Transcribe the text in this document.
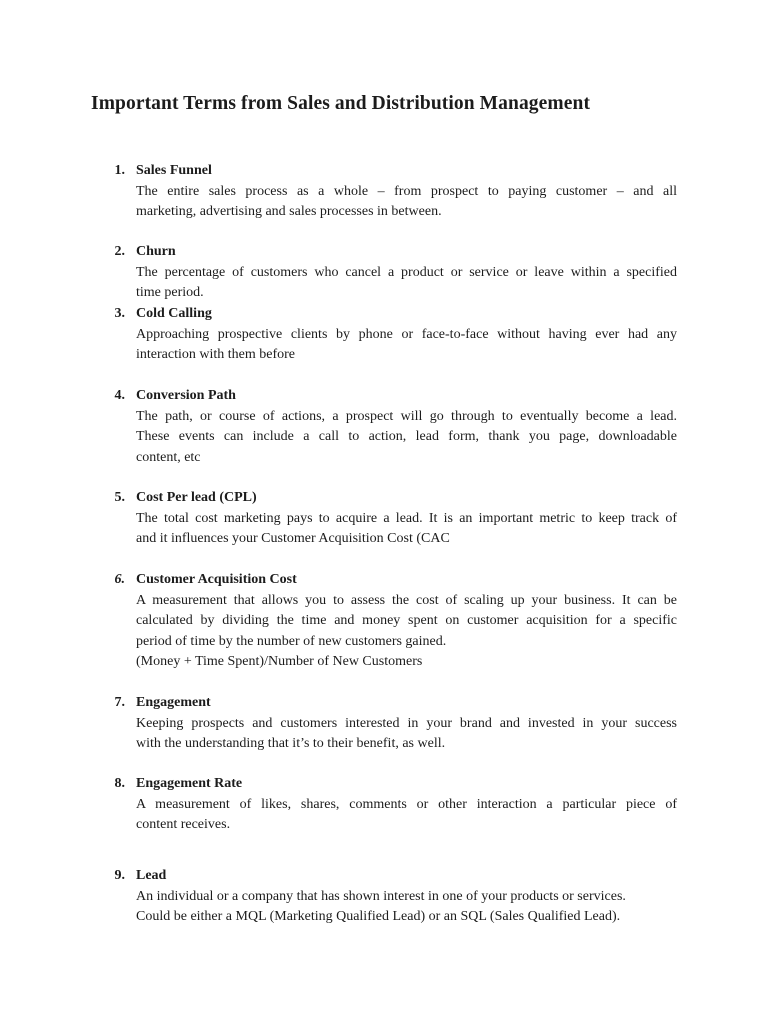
Important Terms from Sales and Distribution Management
1. Sales Funnel
The entire sales process as a whole – from prospect to paying customer – and all
marketing, advertising and sales processes in between.
2. Churn
The percentage of customers who cancel a product or service or leave within a specified
time period.
3. Cold Calling
Approaching prospective clients by phone or face-to-face without having ever had any
interaction with them before
4. Conversion Path
The path, or course of actions, a prospect will go through to eventually become a lead.
These events can include a call to action, lead form, thank you page, downloadable
content, etc
5. Cost Per lead (CPL)
The total cost marketing pays to acquire a lead. It is an important metric to keep track of
and it influences your Customer Acquisition Cost (CAC
6. Customer Acquisition Cost
A measurement that allows you to assess the cost of scaling up your business. It can be
calculated by dividing the time and money spent on customer acquisition for a specific
period of time by the number of new customers gained.
(Money + Time Spent)/Number of New Customers
7. Engagement
Keeping prospects and customers interested in your brand and invested in your success
with the understanding that it’s to their benefit, as well.
8. Engagement Rate
A measurement of likes, shares, comments or other interaction a particular piece of
content receives.
9. Lead
An individual or a company that has shown interest in one of your products or services.
Could be either a MQL (Marketing Qualified Lead) or an SQL (Sales Qualified Lead).
